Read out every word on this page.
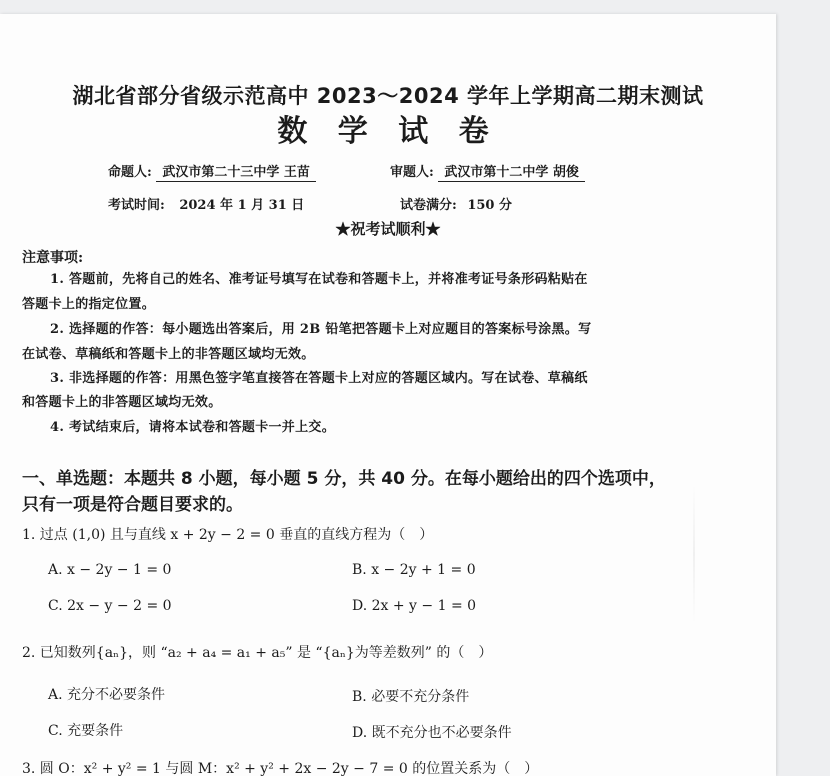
湖北省部分省级示范高中 2023～2024 学年上学期高二期末测试
数 学 试 卷
命题人: 武汉市第二十三中学 王苗	审题人: 武汉市第十二中学 胡俊
考试时间: 2024 年 1 月 31 日	试卷满分: 150 分
★祝考试顺利★
注意事项:
1. 答题前，先将自己的姓名、准考证号填写在试卷和答题卡上，并将准考证号条形码粘贴在
答题卡上的指定位置。
2. 选择题的作答：每小题选出答案后，用 2B 铅笔把答题卡上对应题目的答案标号涂黑。写
在试卷、草稿纸和答题卡上的非答题区域均无效。
3. 非选择题的作答：用黑色签字笔直接答在答题卡上对应的答题区域内。写在试卷、草稿纸
和答题卡上的非答题区域均无效。
4. 考试结束后，请将本试卷和答题卡一并上交。
一、单选题：本题共 8 小题，每小题 5 分，共 40 分。在每小题给出的四个选项中，
只有一项是符合题目要求的。
1. 过点 (1,0) 且与直线 x + 2y − 2 = 0 垂直的直线方程为（　）
A. x − 2y − 1 = 0	B. x − 2y + 1 = 0
C. 2x − y − 2 = 0	D. 2x + y − 1 = 0
2. 已知数列{aₙ}，则 “a₂ + a₄ = a₁ + a₅” 是 “{aₙ}为等差数列” 的（　）
A. 充分不必要条件	B. 必要不充分条件
C. 充要条件	D. 既不充分也不必要条件
3. 圆 O：x² + y² = 1 与圆 M：x² + y² + 2x − 2y − 7 = 0 的位置关系为（　）
